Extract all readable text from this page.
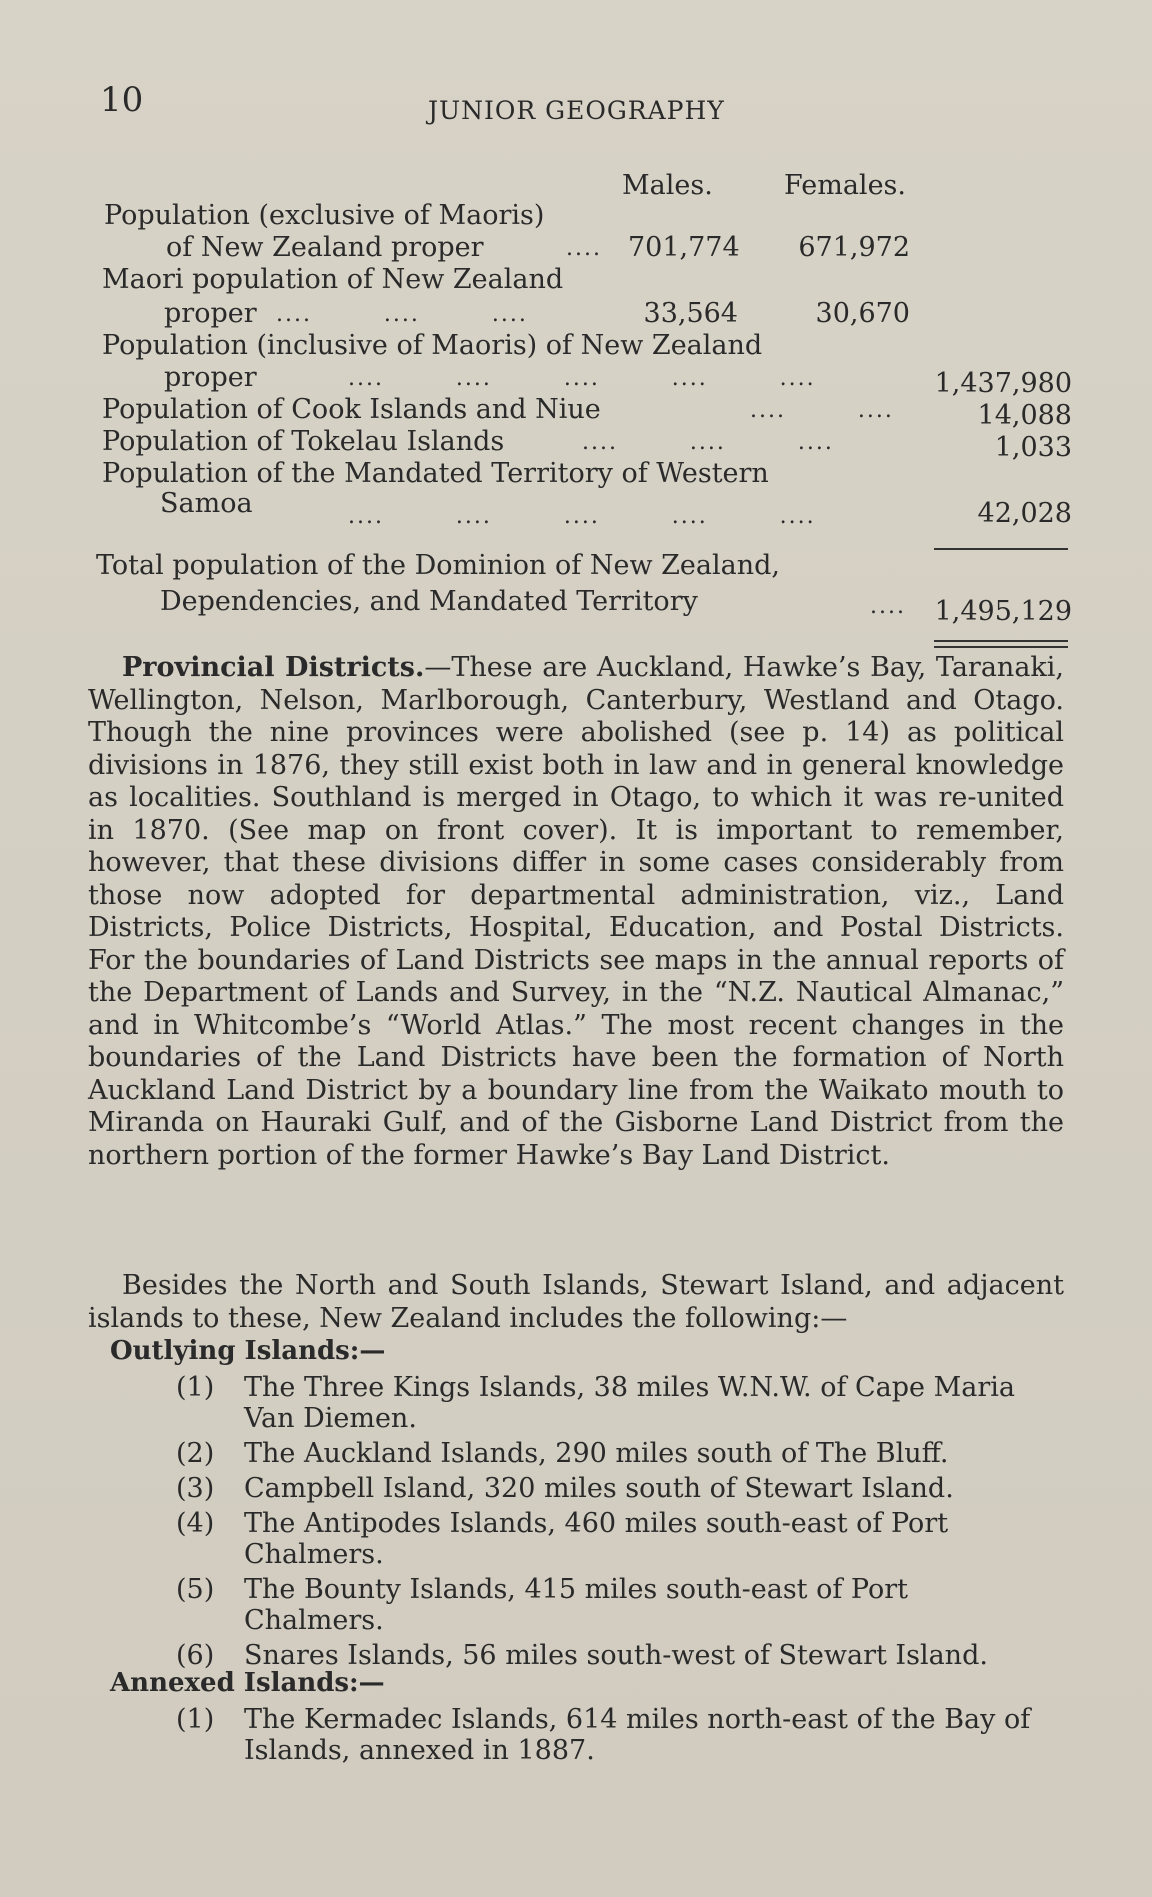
10	JUNIOR GEOGRAPHY
Males.	Females.
Population (exclusive of Maoris)
of New Zealand proper	.... 701,774 671,972
Maori population of New Zealand
proper ....        ....        ....	33,564	30,670
Population (inclusive of Maoris) of New Zealand
proper	....        ....        ....        ....        ....	1,437,980
Population of Cook Islands and Niue	....        ....	14,088
Population of Tokelau Islands	....        ....        ....	1,033
Population of the Mandated Territory of Western
Samoa	....        ....        ....        ....        ....	42,028
Total population of the Dominion of New Zealand,
Dependencies, and Mandated Territory	.... 1,495,129

Provincial Districts.—These are Auckland, Hawke’s Bay, Taranaki, Wellington, Nelson, Marlborough, Canterbury, Westland and Otago. Though the nine provinces were abolished (see p. 14) as political divisions in 1876, they still exist both in law and in general knowledge as localities. Southland is merged in Otago, to which it was re-united in 1870. (See map on front cover). It is important to remember, however, that these divisions differ in some cases considerably from those now adopted for departmental administration, viz., Land Districts, Police Districts, Hospital, Education, and Postal Districts. For the boundaries of Land Districts see maps in the annual reports of the Department of Lands and Survey, in the “N.Z. Nautical Almanac,” and in Whitcombe’s “World Atlas.” The most recent changes in the boundaries of the Land Districts have been the formation of North Auckland Land District by a boundary line from the Waikato mouth to Miranda on Hauraki Gulf, and of the Gisborne Land District from the northern portion of the former Hawke’s Bay Land District.

Besides the North and South Islands, Stewart Island, and adjacent islands to these, New Zealand includes the following:—

Outlying Islands:—
(1) The Three Kings Islands, 38 miles W.N.W. of Cape Maria Van Diemen.
(2) The Auckland Islands, 290 miles south of The Bluff.
(3) Campbell Island, 320 miles south of Stewart Island.
(4) The Antipodes Islands, 460 miles south-east of Port Chalmers.
(5) The Bounty Islands, 415 miles south-east of Port Chalmers.
(6) Snares Islands, 56 miles south-west of Stewart Island.
Annexed Islands:—
(1) The Kermadec Islands, 614 miles north-east of the Bay of Islands, annexed in 1887.
